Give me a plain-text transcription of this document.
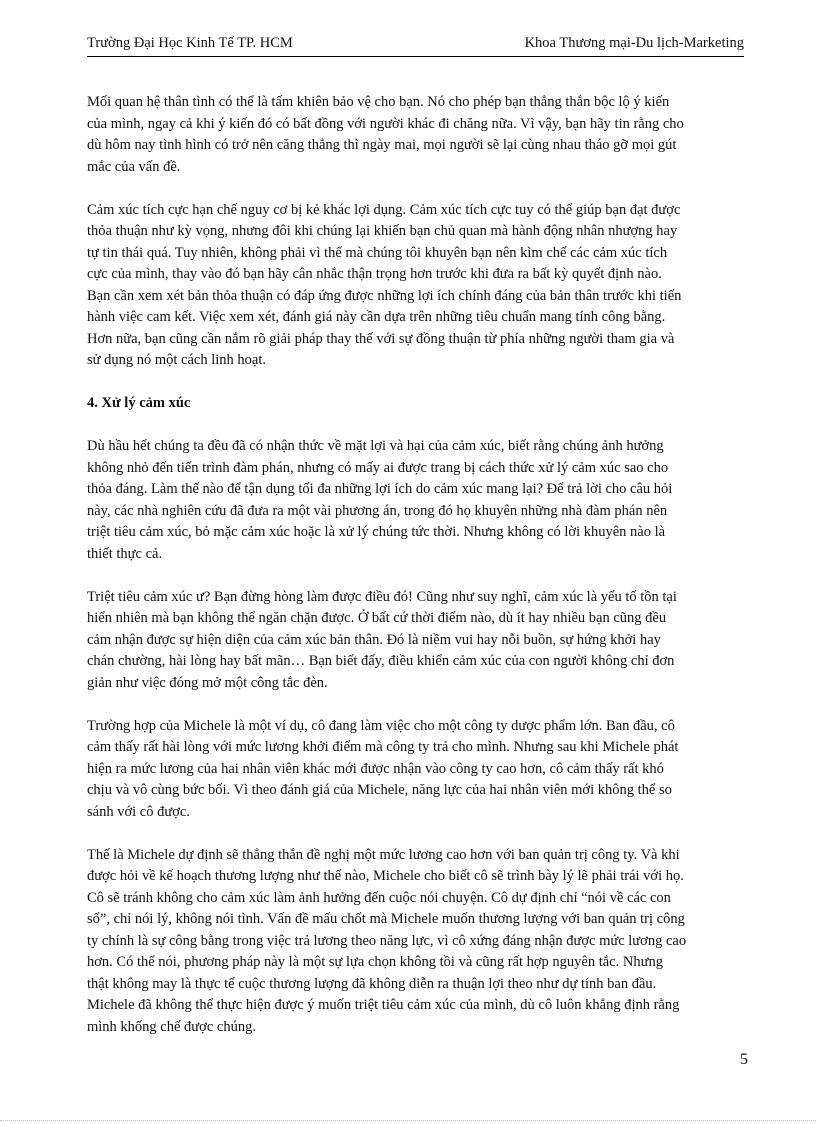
Trường Đại Học Kinh Tế TP. HCM	Khoa Thương mại-Du lịch-Marketing
Mối quan hệ thân tình có thể là tấm khiên bảo vệ cho bạn. Nó cho phép bạn thẳng thắn bộc lộ ý kiến
của mình, ngay cả khi ý kiến đó có bất đồng với người khác đi chăng nữa. Vì vậy, bạn hãy tin rằng cho
dù hôm nay tình hình có trở nên căng thẳng thì ngày mai, mọi người sẽ lại cùng nhau tháo gỡ mọi gút
mắc của vấn đề.
Cảm xúc tích cực hạn chế nguy cơ bị kẻ khác lợi dụng. Cảm xúc tích cực tuy có thể giúp bạn đạt được
thỏa thuận như kỳ vọng, nhưng đôi khi chúng lại khiến bạn chủ quan mà hành động nhân nhượng hay
tự tin thái quá. Tuy nhiên, không phải vì thế mà chúng tôi khuyên bạn nên kìm chế các cảm xúc tích
cực của mình, thay vào đó bạn hãy cân nhắc thận trọng hơn trước khi đưa ra bất kỳ quyết định nào.
Bạn cần xem xét bản thỏa thuận có đáp ứng được những lợi ích chính đáng của bản thân trước khi tiến
hành việc cam kết. Việc xem xét, đánh giá này cần dựa trên những tiêu chuẩn mang tính công bằng.
Hơn nữa, bạn cũng cần nắm rõ giải pháp thay thế với sự đồng thuận từ phía những người tham gia và
sử dụng nó một cách linh hoạt.
4. Xử lý cảm xúc
Dù hầu hết chúng ta đều đã có nhận thức về mặt lợi và hại của cảm xúc, biết rằng chúng ảnh hưởng
không nhỏ đến tiến trình đàm phán, nhưng có mấy ai được trang bị cách thức xử lý cảm xúc sao cho
thỏa đáng. Làm thế nào để tận dụng tối đa những lợi ích do cảm xúc mang lại? Để trả lời cho câu hỏi
này, các nhà nghiên cứu đã đưa ra một vài phương án, trong đó họ khuyên những nhà đàm phán nên
triệt tiêu cảm xúc, bỏ mặc cảm xúc hoặc là xử lý chúng tức thời. Nhưng không có lời khuyên nào là
thiết thực cả.
Triệt tiêu cảm xúc ư? Bạn đừng hòng làm được điều đó! Cũng như suy nghĩ, cảm xúc là yếu tố tồn tại
hiển nhiên mà bạn không thể ngăn chặn được. Ở bất cứ thời điểm nào, dù ít hay nhiều bạn cũng đều
cảm nhận được sự hiện diện của cảm xúc bản thân. Đó là niềm vui hay nỗi buồn, sự hứng khởi hay
chán chường, hài lòng hay bất mãn… Bạn biết đấy, điều khiển cảm xúc của con người không chỉ đơn
giản như việc đóng mở một công tắc đèn.
Trường hợp của Michele là một ví dụ, cô đang làm việc cho một công ty dược phẩm lớn. Ban đầu, cô
cảm thấy rất hài lòng với mức lương khởi điểm mà công ty trả cho mình. Nhưng sau khi Michele phát
hiện ra mức lương của hai nhân viên khác mới được nhận vào công ty cao hơn, cô cảm thấy rất khó
chịu và vô cùng bức bối. Vì theo đánh giá của Michele, năng lực của hai nhân viên mới không thể so
sánh với cô được.
Thế là Michele dự định sẽ thẳng thắn đề nghị một mức lương cao hơn với ban quản trị công ty. Và khi
được hỏi về kế hoạch thương lượng như thế nào, Michele cho biết cô sẽ trình bày lý lẽ phải trái với họ.
Cô sẽ tránh không cho cảm xúc làm ảnh hưởng đến cuộc nói chuyện. Cô dự định chỉ “nói về các con
số”, chỉ nói lý, không nói tình. Vấn đề mấu chốt mà Michele muốn thương lượng với ban quản trị công
ty chính là sự công bằng trong việc trả lương theo năng lực, vì cô xứng đáng nhận được mức lương cao
hơn. Có thể nói, phương pháp này là một sự lựa chọn không tồi và cũng rất hợp nguyên tắc. Nhưng
thật không may là thực tế cuộc thương lượng đã không diễn ra thuận lợi theo như dự tính ban đầu.
Michele đã không thể thực hiện được ý muốn triệt tiêu cảm xúc của mình, dù cô luôn khẳng định rằng
mình khống chế được chúng.
5
